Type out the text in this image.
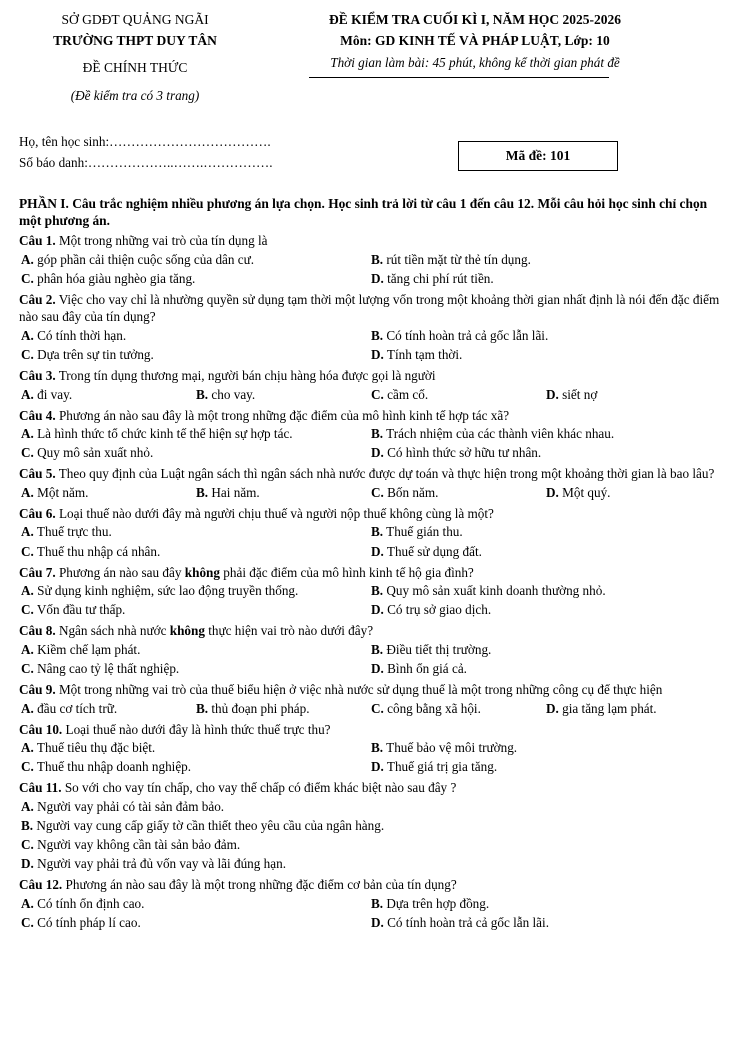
SỞ GDĐT QUẢNG NGÃI
TRƯỜNG THPT DUY TÂN
ĐỀ CHÍNH THỨC
(Đề kiểm tra có 3 trang)
ĐỀ KIỂM TRA CUỐI KÌ I, NĂM HỌC 2025-2026
Môn: GD KINH TẾ VÀ PHÁP LUẬT, Lớp: 10
Thời gian làm bài: 45 phút, không kể thời gian phát đề
Họ, tên học sinh:……………………………….
Số báo danh:………………..…….…………….	Mã đề: 101
PHẦN I. Câu trắc nghiệm nhiều phương án lựa chọn. Học sinh trả lời từ câu 1 đến câu 12. Mỗi câu hỏi học sinh chỉ chọn một phương án.
Câu 1. Một trong những vai trò của tín dụng là
A. góp phần cải thiện cuộc sống của dân cư.	B. rút tiền mặt từ thẻ tín dụng.
C. phân hóa giàu nghèo gia tăng.	D. tăng chi phí rút tiền.
Câu 2. Việc cho vay chỉ là nhường quyền sử dụng tạm thời một lượng vốn trong một khoảng thời gian nhất định là nói đến đặc điểm nào sau đây của tín dụng?
A. Có tính thời hạn.	B. Có tính hoàn trả cả gốc lẫn lãi.
C. Dựa trên sự tin tưởng.	D. Tính tạm thời.
Câu 3. Trong tín dụng thương mại, người bán chịu hàng hóa được gọi là người
A. đi vay.	B. cho vay.	C. cầm cố.	D. siết nợ
Câu 4. Phương án nào sau đây là một trong những đặc điểm của mô hình kinh tế hợp tác xã?
A. Là hình thức tổ chức kinh tế thể hiện sự hợp tác.	B. Trách nhiệm của các thành viên khác nhau.
C. Quy mô sản xuất nhỏ.	D. Có hình thức sở hữu tư nhân.
Câu 5. Theo quy định của Luật ngân sách thì ngân sách nhà nước được dự toán và thực hiện trong một khoảng thời gian là bao lâu?
A. Một năm.	B. Hai năm.	C. Bốn năm.	D. Một quý.
Câu 6. Loại thuế nào dưới đây mà người chịu thuế và người nộp thuế không cùng là một?
A. Thuế trực thu.	B. Thuế gián thu.
C. Thuế thu nhập cá nhân.	D. Thuế sử dụng đất.
Câu 7. Phương án nào sau đây không phải đặc điểm của mô hình kinh tế hộ gia đình?
A. Sử dụng kinh nghiệm, sức lao động truyền thống.	B. Quy mô sản xuất kinh doanh thường nhỏ.
C. Vốn đầu tư thấp.	D. Có trụ sở giao dịch.
Câu 8. Ngân sách nhà nước không thực hiện vai trò nào dưới đây?
A. Kiềm chế lạm phát.	B. Điều tiết thị trường.
C. Nâng cao tỷ lệ thất nghiệp.	D. Bình ổn giá cả.
Câu 9. Một trong những vai trò của thuế biểu hiện ở việc nhà nước sử dụng thuế là một trong những công cụ để thực hiện
A. đầu cơ tích trữ.	B. thủ đoạn phi pháp.	C. công bằng xã hội.	D. gia tăng lạm phát.
Câu 10. Loại thuế nào dưới đây là hình thức thuế trực thu?
A. Thuế tiêu thụ đặc biệt.	B. Thuế bảo vệ môi trường.
C. Thuế thu nhập doanh nghiệp.	D. Thuế giá trị gia tăng.
Câu 11. So với cho vay tín chấp, cho vay thế chấp có điểm khác biệt nào sau đây ?
A. Người vay phải có tài sản đảm bảo.
B. Người vay cung cấp giấy tờ cần thiết theo yêu cầu của ngân hàng.
C. Người vay không cần tài sản bảo đảm.
D. Người vay phải trả đủ vốn vay và lãi đúng hạn.
Câu 12. Phương án nào sau đây là một trong những đặc điểm cơ bản của tín dụng?
A. Có tính ổn định cao.	B. Dựa trên hợp đồng.
C. Có tính pháp lí cao.	D. Có tính hoàn trả cả gốc lẫn lãi.
